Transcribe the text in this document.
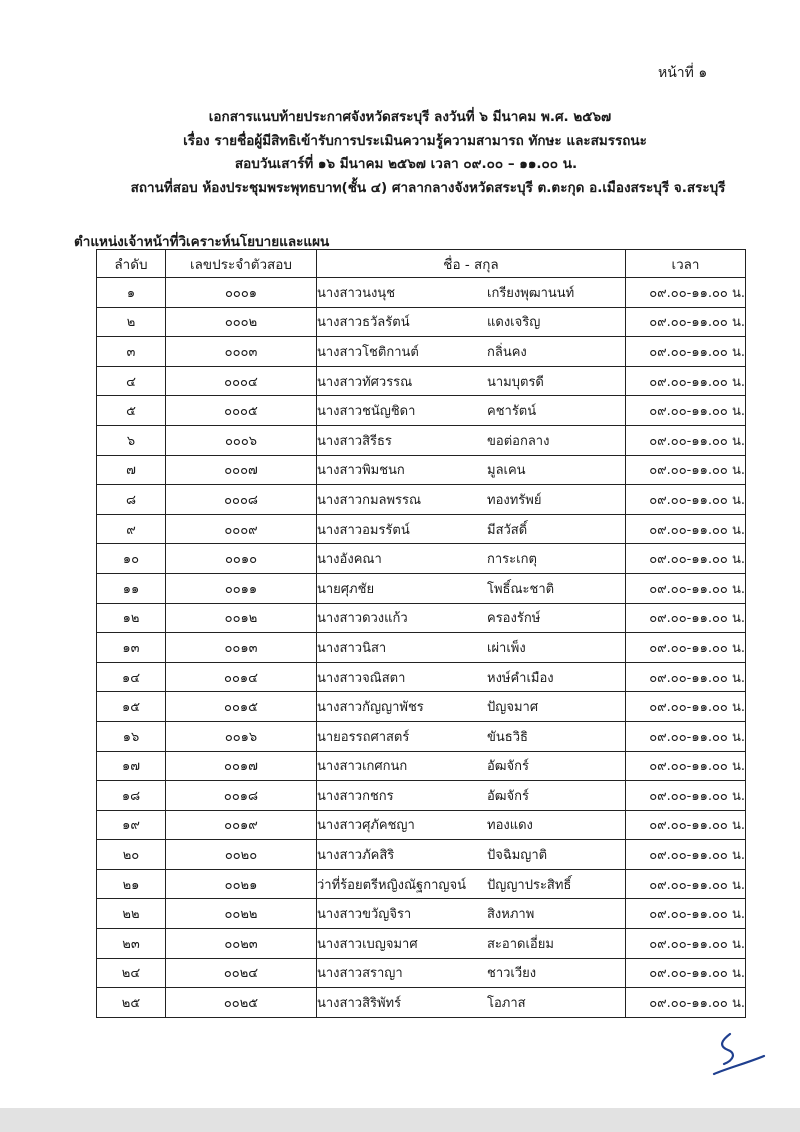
หน้าที่ ๑
เอกสารแนบท้ายประกาศจังหวัดสระบุรี ลงวันที่ ๖ มีนาคม พ.ศ. ๒๕๖๗
เรื่อง รายชื่อผู้มีสิทธิเข้ารับการประเมินความรู้ความสามารถ ทักษะ และสมรรถนะ
สอบวันเสาร์ที่ ๑๖ มีนาคม ๒๕๖๗ เวลา ๐๙.๐๐ – ๑๑.๐๐ น.
สถานที่สอบ ห้องประชุมพระพุทธบาท(ชั้น ๔) ศาลากลางจังหวัดสระบุรี ต.ตะกุด อ.เมืองสระบุรี จ.สระบุรี
ตำแหน่งเจ้าหน้าที่วิเคราะห์นโยบายและแผน
ลำดับ	เลขประจำตัวสอบ	ชื่อ - สกุล	เวลา
๑	๐๐๐๑	นางสาวนงนุช เกรียงพุฒานนท์	๐๙.๐๐-๑๑.๐๐ น.
๒	๐๐๐๒	นางสาวธวัลรัตน์ แดงเจริญ	๐๙.๐๐-๑๑.๐๐ น.
๓	๐๐๐๓	นางสาวโชติกานต์ กลิ่นคง	๐๙.๐๐-๑๑.๐๐ น.
๔	๐๐๐๔	นางสาวทัศวรรณ นามบุตรดี	๐๙.๐๐-๑๑.๐๐ น.
๕	๐๐๐๕	นางสาวชนัญชิดา คชารัตน์	๐๙.๐๐-๑๑.๐๐ น.
๖	๐๐๐๖	นางสาวสิรีธร ขอต่อกลาง	๐๙.๐๐-๑๑.๐๐ น.
๗	๐๐๐๗	นางสาวพิมชนก มูลเคน	๐๙.๐๐-๑๑.๐๐ น.
๘	๐๐๐๘	นางสาวกมลพรรณ ทองทรัพย์	๐๙.๐๐-๑๑.๐๐ น.
๙	๐๐๐๙	นางสาวอมรรัตน์ มีสวัสดิ์	๐๙.๐๐-๑๑.๐๐ น.
๑๐	๐๐๑๐	นางอังคณา การะเกตุ	๐๙.๐๐-๑๑.๐๐ น.
๑๑	๐๐๑๑	นายศุภชัย โพธิ์ณะชาติ	๐๙.๐๐-๑๑.๐๐ น.
๑๒	๐๐๑๒	นางสาวดวงแก้ว ครองรักษ์	๐๙.๐๐-๑๑.๐๐ น.
๑๓	๐๐๑๓	นางสาวนิสา เผ่าเพ็ง	๐๙.๐๐-๑๑.๐๐ น.
๑๔	๐๐๑๔	นางสาวจณิสตา หงษ์คำเมือง	๐๙.๐๐-๑๑.๐๐ น.
๑๕	๐๐๑๕	นางสาวกัญญาพัชร ปัญจมาศ	๐๙.๐๐-๑๑.๐๐ น.
๑๖	๐๐๑๖	นายอรรถศาสตร์ ขันธวิธิ	๐๙.๐๐-๑๑.๐๐ น.
๑๗	๐๐๑๗	นางสาวเกศกนก อัฒจักร์	๐๙.๐๐-๑๑.๐๐ น.
๑๘	๐๐๑๘	นางสาวกชกร อัฒจักร์	๐๙.๐๐-๑๑.๐๐ น.
๑๙	๐๐๑๙	นางสาวศุภัคชญา ทองแดง	๐๙.๐๐-๑๑.๐๐ น.
๒๐	๐๐๒๐	นางสาวภัคสิริ ปัจฉิมญาติ	๐๙.๐๐-๑๑.๐๐ น.
๒๑	๐๐๒๑	ว่าที่ร้อยตรีหญิงณัฐกาญจน์ ปัญญาประสิทธิ์	๐๙.๐๐-๑๑.๐๐ น.
๒๒	๐๐๒๒	นางสาวขวัญจิรา สิงหภาพ	๐๙.๐๐-๑๑.๐๐ น.
๒๓	๐๐๒๓	นางสาวเบญจมาศ สะอาดเอี่ยม	๐๙.๐๐-๑๑.๐๐ น.
๒๔	๐๐๒๔	นางสาวสราญา ชาวเวียง	๐๙.๐๐-๑๑.๐๐ น.
๒๕	๐๐๒๕	นางสาวสิริพัทร์ โอภาส	๐๙.๐๐-๑๑.๐๐ น.
